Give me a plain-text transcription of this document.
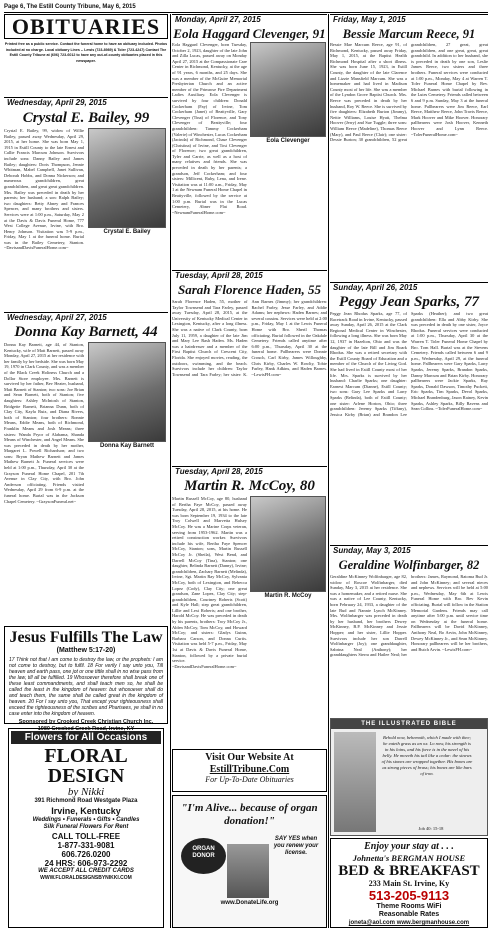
Page 6, The Estill County Tribune, May 6, 2015
OBITUARIES
Printed free as a public service. Contact the funeral home to have an obituary included. Photos included at no charge. Local obituary Lines -- Lewis (723-8989) & Toler (723-4247) Contact The Estill County Tribune at (606) 723-6012 to have any out-of-county obituaries placed in this newspaper.
Wednesday, April 29, 2015
Crystal E. Bailey, 99
Crystal E. Bailey, 99, widow of Willie Bailey, passed away Wednesday, April 29, 2015, at her home. She was born May 1, 1915 in Estill County to the late Ernest and Callie Francis Marcum Johnson. Survivors include sons: Danny Bailey and James Bailey; daughters: Doris Thompson, Jennie Whitman, Mabel Campbell, Janet Sullivan, Deborah Hobbs, and Donna Nickerson; and numerous grandchildren, great grandchildren, and great great grandchildren. Mrs. Bailey was preceded in death by her parents; her husband; a son: Ralph Bailey; two daughters: Betty Abney and Frances Spencer, and many brothers and sisters. Services were at 1:00 p.m., Saturday, May 2 at the Davis & Davis Funeral Home, 777 West College Avenue, Irvine, with Bro. Henry Johnson. Visitation was 5-9 p.m., Friday, May 1 at the funeral home. Burial was in the Bailey Cemetery, Stanton. ~DavisandDavisFuneralHome.com~
Crystal E. Bailey
Wednesday, April 27, 2015
Donna Kay Barnett, 44
Donna Kay Barnett, age 44, of Stanton, Kentucky, wife of Matt Barnett, passed away Monday, April 27, 2015 at her residence with her family by her bedside. She was born May 19, 1970 in Clark County, and was a member of the Black Creek Holiness Church and a Dollar Store employee. Mrs. Barnett is survived by her father, Bev Heater, husband, Matt Barnett of Stanton; two sons: Joe Brian and Sean Barnett, both of Stanton; five daughters: Ashley McIntosh of Stanton, Bridgette Barnett, Brianna Dunn, both of Clay City, Kayla Ruiz, and Diana Rivers, both of Stanton; four brothers: Ronnie Means, Eddie Means, both of Richmond, Franklin Means and Josh Means; three sisters: Wanda Pryor of Alabama, Shanda Means of Winchester, and Angel Means. She was preceded in death by her mother, Margaret L. Powell Richardson; and two sons: Bryan Mathew Barnett and James Mathew Barnett Jr. Funeral services were held at 1:00 p.m., Thursday, April 30 at the Grayson Funeral Home Chapel, 201 7th Avenue in Clay City, with Bro. John Anderson officiating. Friends visited Wednesday, April 29 from 6-9 p.m. at the funeral home. Burial was in the Jackson Chapel Cemetery. ~GraysonFuneral.net~
Donna Kay Barnett
Jesus Fulfills The Law
(Matthew 5:17-20)

17 Think not that I am come to destroy the law, or the prophets: I am not come to destroy, but to fulfil. 18 For verily I say unto you, Till heaven and earth pass, one jot or one tittle shall in no wise pass from the law, till all be fulfilled. 19 Whosoever therefore shall break one of these least commandments, and shall teach men so, he shall be called the least in the kingdom of heaven: but whosoever shall do and teach them, the same shall be called great in the kingdom of heaven. 20 For I say unto you, That except your righteousness shall exceed the righteousness of the scribes and Pharisees, ye shall in no case enter into the kingdom of heaven.

Sponsored by Crooked Creek Christian Church Inc.
1980 Crooked Creek Road, Irvine, KY
Flowers for All Occasions
FLORAL DESIGN
by Nikki
391 Richmond Road Westgate Plaza
Irvine, Kentucky
Weddings • Funerals • Gifts • Candles
Silk Funeral Flowers For Rent
CALL TOLL-FREE
1-877-331-9081
606.726.0200
24 HRS: 606-973-2292
WE ACCEPT ALL CREDIT CARDS
WWW.FLORALDESIGNSBYNIKKI.COM
Monday, April 27, 2015
Eola Haggard Clevenger, 91
Eola Haggard Clevenger, born Tuesday, October 2, 1923, daughter of the late John and Zilla Lucas, passed away on Monday April 27, 2015 at the Compassionate Care Center in Richmond, Kentucky, at the age of 91 years, 6 months, and 25 days. She was a member of the McGuire Memorial Presbyterian Church and an active member of the Primrose Fire Department Ladies Auxiliary. Eola Clevenger is survived by four children: Donald Cockerham (Fay) of Irvine, Tom Cockerham (Janet) of Beattyville, Gary Clevenger (Tina) of Florence, and Tony Clevenger of Beattyville; four grandchildren: Tammy Cockerham (Valerie) of Winchester, Lucas Cockerham (Jacinda) of Richmond, Chase Clevenger (Christina) of Irvine, and Tosi Clevenger of Florence; two great grandchildren, Tyler and Carrie, as well as a host of many relatives and friends. She was preceded in death by her parents; a grandson, Jeff Cockerham; and four sisters: Millicent, Ruby, Lena, and Irene. Visitation was at 11:00 a.m., Friday, May 1 at the Newnam Funeral Home Chapel in Beattyville, followed by the service at 1:00 p.m. Burial was in the Lucas Cemetery, Abner Flat Road. ~NewnamFuneralHome.com~
Eola Clevenger
Tuesday, April 28, 2015
Sarah Florence Haden, 55
Sarah Florence Haden, 55, mother of Taylor Townsend and Tara Farley, passed away Tuesday, April 28, 2015, at the University of Kentucky Medical Center in Lexington, Kentucky, after a long illness. She was a native of Clark County, born July 11, 1959, a daughter of the late Jim and Mary Lee Rash Haden. Ms. Haden was a hairdresser and a member of the First Baptist Church of Crescent City, Florida. She enjoyed movies, reading, the outdoors, swimming, and the beach. Survivors include her children: Taylor Townsend and Tara Farley; her sister: K. Ann Barnes (Jimmy); her grandchildren: Rachel Farley, Jesse Farley, and Addie Adams; her nephews: Haden Barnes; and several cousins. Services were held at 2:00 p.m., Friday, May 1 at the Lewis Funeral Home with Bro. Sheril Thomas officiating. Burial followed in the Oakdale Cemetery. Friends called anytime after 6:00 p.m., Thursday, April 30 at the funeral home. Pallbearers were Donnie Crouch, Carl Kirby, James Willoughby, Chris Kirby, Charles W. Rowlty, Tobie Farley, Hank Adkins, and Haden Barnes. ~LewisFH.com~
Tuesday, April 28, 2015
Martin R. McCoy, 80
Martin Russell McCoy, age 80, husband of Bertha Faye McCoy, passed away Tuesday, April 28, 2015, at his home. He was born September 19, 1934 to the late Troy Colwell and Marvetta Hulsey McCoy. He was a Marine Corps veteran, serving from 1953-1962. Martin was a retired construction worker. Survivors include his wife, Bertha Faye Spencer McCoy, Stanton; sons, Martin Russell McCoy Jr. (Sheila), West Bend, and Darrell McCoy (Tina), Stanton; one daughter, Belinda Barnett (Danny), Irvine; grandchildren, Zachary Barnett (Melinda), Irvine, Sgt. Martin Ray McCoy, Sylvania McCoy, both of Lexington, and Rebecca Lopez (Cody), Clay City; one great grandson, Zane Lopez, Clay City; step-grandchildren, Courtney Roberts (Scott) and Kyle Hall; step great grandchildren, Lillie and Lexi Roberts; and one brother, Harold McCoy. He was preceded in death by his parents, brothers: Troy McCoy Jr., Alden McCoy, Tom McCoy, and Howard McCoy; and sisters: Gladys Guinn, Barbara Carson, and Donna Curtis. Visitation was held 5-7 p.m., Friday, May 1st at Davis & Davis Funeral Home, Stanton, followed by a private burial service. ~DavisandDavisFuneralHome.com~
Martin R. McCoy
Visit Our Website At
EstillTribune.Com
For Up-To-Date Obituaries
"I'm Alive... because of organ donation!"
ORGAN DONOR
SAY YES when you renew your license.
www.DonateLife.org
Friday, May 1, 2015
Bessie Marcum Reece, 91
Bessie Mae Marcum Reece, age 91, of Richmond, Kentucky, passed away Friday, May 1, 2015, at the Baptist Health Richmond Hospital after a short illness. She was born June 15, 1923, in Estill County, the daughter of the late Clarence and Lizzie Mansfield Marcum. She was a homemaker and had lived in Madison County most of her life. She was a member of the Lyndon Grove Baptist Church. Mrs. Reece was preceded in death by her husband, Roy W. Reece. She is survived by five daughters: Elizabeth Burton (Jimmy), Nettie Williams, Louise Hyatt, Thelma Hoover (Jerry) and Sue Tuggle; three sons: William Reece (Madeline), Thomas Reece (Mary), and Paul Reece (Clair); one sister: Dessie Burton; 30 grandchildren, 52 great grandchildren, 27 great, great grandchildren, and one great, great, great grandchild. In addition to her husband, she is preceded in death by one son, Leslie James Reece, two sisters and three brothers. Funeral services were conducted at 1:00 p.m., Monday, May 4 at Warren T. Toler Funeral Home Chapel by Rev. Michael Barnes with burial following in the Lutes Cemetery. Friends called between 6 and 9 p.m. Sunday, May 3 at the funeral home. Pallbearers were Jim Reece, Earl Reece, Matthew Reece, John Travis Reece, Mark Hoover and Mike Hoover. Honorary pallbearers were Josh Hoover, Kenneth Hoover and Lynn Reece. ~TolerFuneralHome.com~
Sunday, April 26, 2015
Peggy Jean Sparks, 77
Peggy Jean Rhodus Sparks, age 77, of Racetrack Road in Irvine, Kentucky, passed away Sunday, April 26, 2015 at the Clark Regional Medical Center in Winchester, following a long illness. She was born May 12, 1937 in Hazelton, Ohio and was the daughter of the late Bill and Jim Roark Rhodus. She was a retired secretary with the Estill County Board of Education and a member of the Church of the Living God. She had lived in Estill County most of her life. Mrs. Sparks is survived by her husband: Charlie Sparks; one daughter: Earnest Marcum (Dianne), Estill County; two sons: Gary Lee Sparks and Larry Sparks (Belinda), both of Estill County; one sister: Arlene Horton, Ohio; three grandchildren: Jeremy Sparks (Tiffany), Jessica Kirby (Brian) and Brandon Lee Sparks (Heather); and two great grandchildren: Ella and Abby Kirby. She was preceded in death by one sister, Joyce Rhodus. Funeral services were conducted at 1:00 p.m., Thursday, April 30 at the Warren T. Toler Funeral Home Chapel by Bro. Tom Hall. Burial was at the Stevens Cemetery. Friends called between 6 and 9 p.m., Wednesday, April 29, at the funeral home. Pallbearers were Gary Sparks, Larry Sparks, Jeremy Sparks, Brandon Sparks, Danny Marcum and Brian Kirby. Honorary pallbearers were Jackie Sparks, Ray Sparks, Donald Dawson, Timothy Puckett, Eric Sparks, Tim Sparks, Devol Sparks, Michael Brandenburg, Jason Rainey, Kevin Sparks, Ashley Sparks, Billy Ravens and Sean Collins. ~TolerFuneralHome.com~
Sunday, May 3, 2015
Geraldine Wolfinbarger, 82
Geraldine McKinney Wolfinbarger, age 82, widow of Roscoe Wolfinbarger, died Sunday, May 3, 2015 at her residence. She was a homemaker, and a retired nurse. She was a native of Lee County, Kentucky, born February 24, 1933, a daughter of the late Bud and Nannie Lynch McKinney. Mrs. Wolfinbarger was preceded in death by her husband, her brothers Dewey McKinney, B.P. McKinney and Jessie Hopper; and her sister, Lillie Hopper. Survivors include her son Darrell Wolfinbarger (Joy); one granddaughter, Sabrina Neal (Anthony); her granddaughters Sierra and Hailee Neal; her brothers: James, Raymond, Ratoma Bud Jr. and John McKinney; and several nieces and nephews. Services will be held at 5:00 p.m., Wednesday, May 6th at Lewis Funeral Home with Bro. Bev Kevin officiating. Burial will follow in the Station Memorial Gardens. Friends may call anytime after 5:00 p.m. until service time on Wednesday at the funeral home. Pallbearers will be David McKinney, Anthony Neal, Bo Arvin, John McKinney, Dewey McKinney Jr., and Sean McKinney. Honorary pallbearers will be her brothers, and Butch Arvin. ~LewisFH.com~
THE ILLUSTRATED BIBLE
Behold now, behemoth, which I made with thee; he eateth grass as an ox. Lo now, his strength is in his loins, and his force is in the navel of his belly. He moveth his tail like a cedar: the sinews of his stones are wrapped together. His bones are as strong pieces of brass; his bones are like bars of iron.
Job 40: 15-18
Enjoy your stay at . . .
Johnetta's BERGMAN HOUSE
BED & BREAKFAST
233 Main St. Irvine, Ky
513-205-9113
Theme Rooms WiFi
Reasonable Rates
joneta@aol.com www.bergmanhouse.com
